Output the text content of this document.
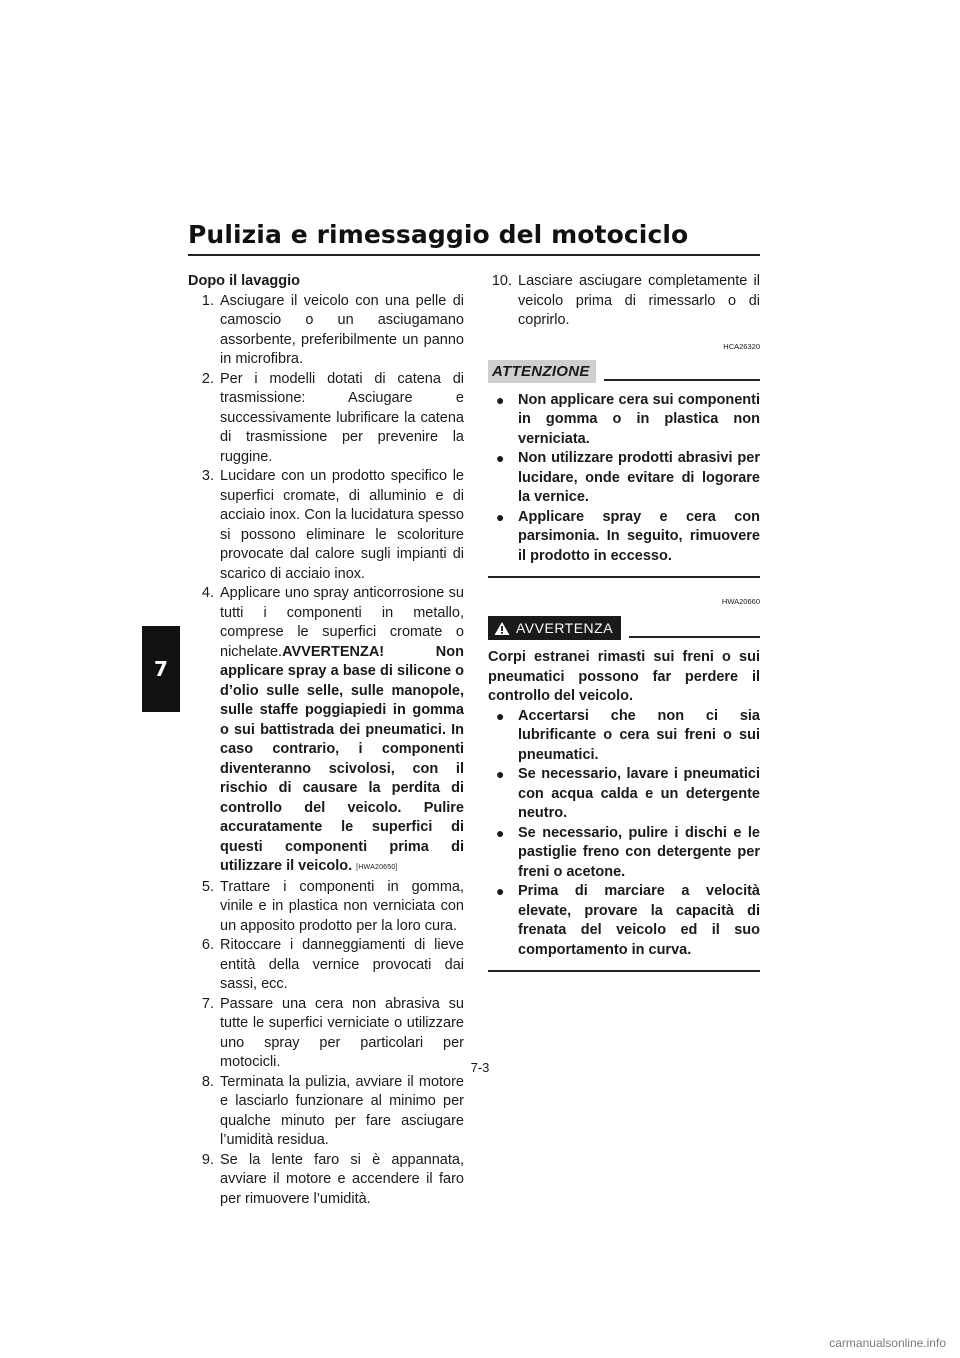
Pulizia e rimessaggio del motociclo
7
Dopo il lavaggio
1. Asciugare il veicolo con una pelle di camoscio o un asciugamano assorbente, preferibilmente un panno in microfibra.
2. Per i modelli dotati di catena di trasmissione: Asciugare e successivamente lubrificare la catena di trasmissione per prevenire la ruggine.
3. Lucidare con un prodotto specifico le superfici cromate, di alluminio e di acciaio inox. Con la lucidatura spesso si possono eliminare le scoloriture provocate dal calore sugli impianti di scarico di acciaio inox.
4. Applicare uno spray anticorrosione su tutti i componenti in metallo, comprese le superfici cromate o nichelate.AVVERTENZA! Non applicare spray a base di silicone o d’olio sulle selle, sulle manopole, sulle staffe poggiapiedi in gomma o sui battistrada dei pneumatici. In caso contrario, i componenti diventeranno scivolosi, con il rischio di causare la perdita di controllo del veicolo. Pulire accuratamente le superfici di questi componenti prima di utilizzare il veicolo. [HWA20650]
5. Trattare i componenti in gomma, vinile e in plastica non verniciata con un apposito prodotto per la loro cura.
6. Ritoccare i danneggiamenti di lieve entità della vernice provocati dai sassi, ecc.
7. Passare una cera non abrasiva su tutte le superfici verniciate o utilizzare uno spray per particolari per motocicli.
8. Terminata la pulizia, avviare il motore e lasciarlo funzionare al minimo per qualche minuto per fare asciugare l’umidità residua.
9. Se la lente faro si è appannata, avviare il motore e accendere il faro per rimuovere l’umidità.
10. Lasciare asciugare completamente il veicolo prima di rimessarlo o di coprirlo.
HCA26320
ATTENZIONE
● Non applicare cera sui componenti in gomma o in plastica non verniciata.
● Non utilizzare prodotti abrasivi per lucidare, onde evitare di logorare la vernice.
● Applicare spray e cera con parsimonia. In seguito, rimuovere il prodotto in eccesso.
HWA20660
AVVERTENZA

Corpi estranei rimasti sui freni o sui pneumatici possono far perdere il controllo del veicolo.

● Accertarsi che non ci sia lubrificante o cera sui freni o sui pneumatici.
● Se necessario, lavare i pneumatici con acqua calda e un detergente neutro.
● Se necessario, pulire i dischi e le pastiglie freno con detergente per freni o acetone.
● Prima di marciare a velocità elevate, provare la capacità di frenata del veicolo ed il suo comportamento in curva.
7-3
carmanualsonline.info
